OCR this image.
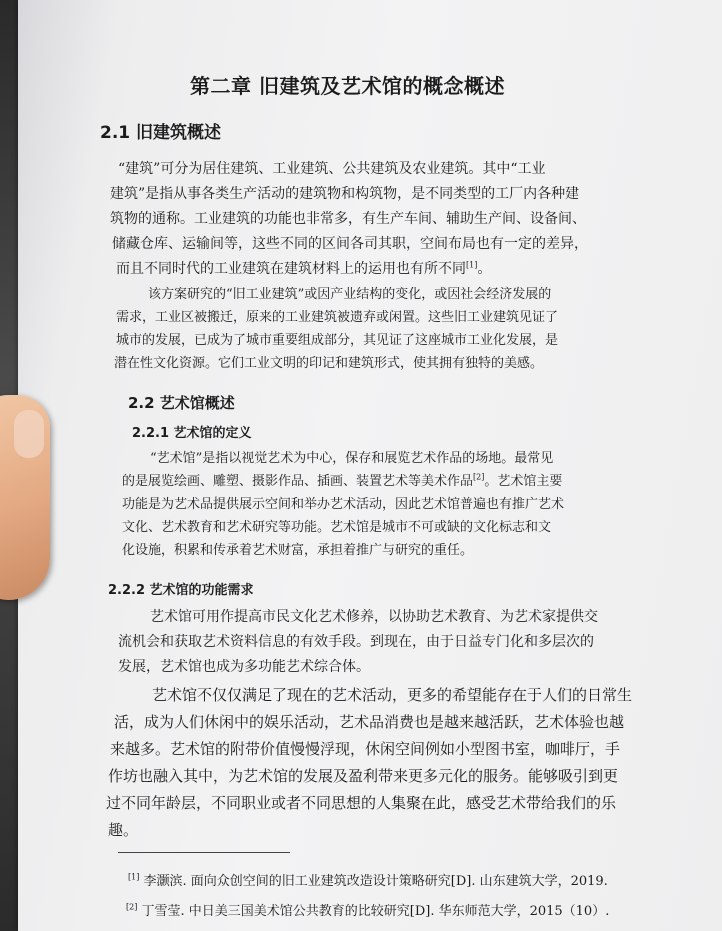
第二章 旧建筑及艺术馆的概念概述
2.1 旧建筑概述
“建筑”可分为居住建筑、工业建筑、公共建筑及农业建筑。其中“工业
建筑”是指从事各类生产活动的建筑物和构筑物，是不同类型的工厂内各种建
筑物的通称。工业建筑的功能也非常多，有生产车间、辅助生产间、设备间、
储藏仓库、运输间等，这些不同的区间各司其职，空间布局也有一定的差异，
而且不同时代的工业建筑在建筑材料上的运用也有所不同[1]。
该方案研究的“旧工业建筑”或因产业结构的变化，或因社会经济发展的
需求，工业区被搬迁，原来的工业建筑被遗弃或闲置。这些旧工业建筑见证了
城市的发展，已成为了城市重要组成部分，其见证了这座城市工业化发展，是
潜在性文化资源。它们工业文明的印记和建筑形式，使其拥有独特的美感。
2.2 艺术馆概述
2.2.1 艺术馆的定义
“艺术馆”是指以视觉艺术为中心，保存和展览艺术作品的场地。最常见
的是展览绘画、雕塑、摄影作品、插画、装置艺术等美术作品[2]。艺术馆主要
功能是为艺术品提供展示空间和举办艺术活动，因此艺术馆普遍也有推广艺术
文化、艺术教育和艺术研究等功能。艺术馆是城市不可或缺的文化标志和文
化设施，积累和传承着艺术财富，承担着推广与研究的重任。
2.2.2 艺术馆的功能需求
艺术馆可用作提高市民文化艺术修养，以协助艺术教育、为艺术家提供交
流机会和获取艺术资料信息的有效手段。到现在，由于日益专门化和多层次的
发展，艺术馆也成为多功能艺术综合体。
艺术馆不仅仅满足了现在的艺术活动，更多的希望能存在于人们的日常生
活，成为人们休闲中的娱乐活动，艺术品消费也是越来越活跃，艺术体验也越
来越多。艺术馆的附带价值慢慢浮现，休闲空间例如小型图书室，咖啡厅，手
作坊也融入其中，为艺术馆的发展及盈利带来更多元化的服务。能够吸引到更
过不同年龄层，不同职业或者不同思想的人集聚在此，感受艺术带给我们的乐
趣。
[1] 李灏滨. 面向众创空间的旧工业建筑改造设计策略研究[D]. 山东建筑大学，2019.
[2] 丁雪莹. 中日美三国美术馆公共教育的比较研究[D]. 华东师范大学，2015（10）.
